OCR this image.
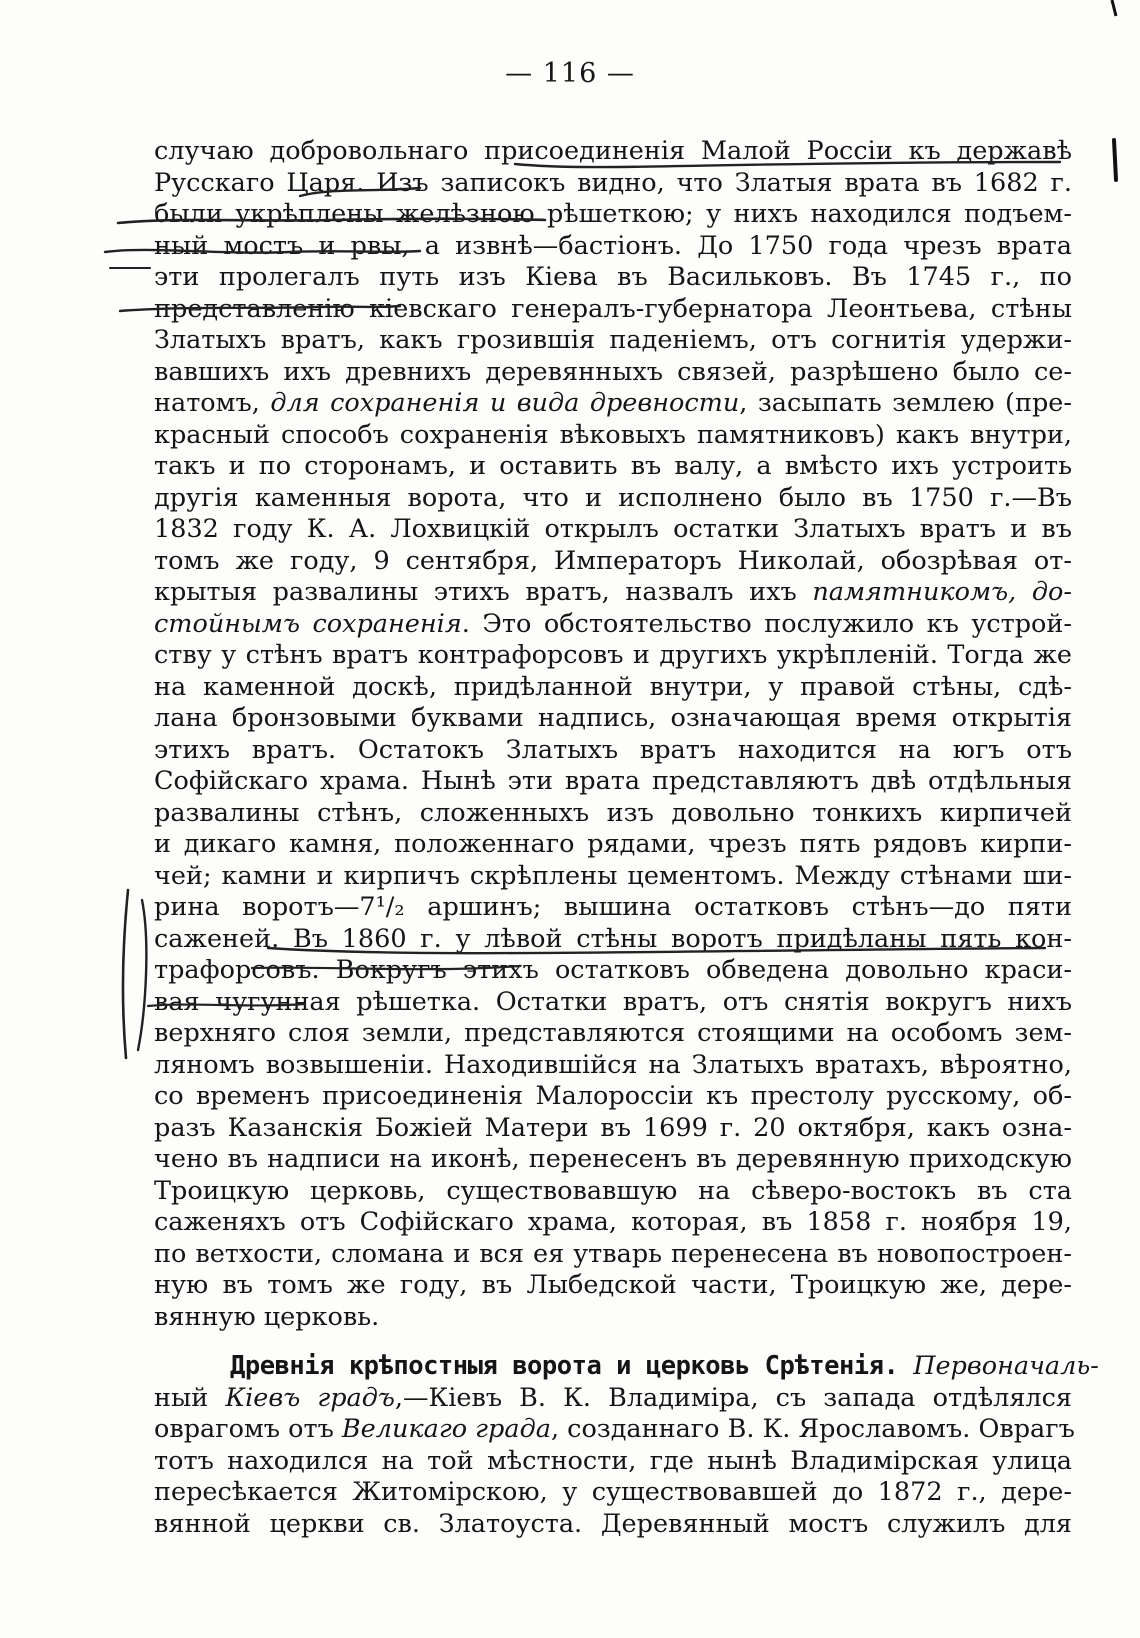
— 116 —
случаю добровольнаго присоединенія Малой Россіи къ державѣ
Русскаго Царя. Изъ записокъ видно, что Златыя врата въ 1682 г.
были укрѣплены желѣзною рѣшеткою; у нихъ находился подъем-
ный мостъ и рвы, а извнѣ—бастіонъ. До 1750 года чрезъ врата
эти пролегалъ путь изъ Кіева въ Васильковъ. Въ 1745 г., по
представленію кіевскаго генералъ-губернатора Леонтьева, стѣны
Златыхъ вратъ, какъ грозившія паденіемъ, отъ согнитія удержи-
вавшихъ ихъ древнихъ деревянныхъ связей, разрѣшено было се-
натомъ, для сохраненія и вида древности, засыпать землею (пре-
красный способъ сохраненія вѣковыхъ памятниковъ) какъ внутри,
такъ и по сторонамъ, и оставить въ валу, а вмѣсто ихъ устроить
другія каменныя ворота, что и исполнено было въ 1750 г.—Въ
1832 году К. А. Лохвицкій открылъ остатки Златыхъ вратъ и въ
томъ же году, 9 сентября, Императоръ Николай, обозрѣвая от-
крытыя развалины этихъ вратъ, назвалъ ихъ памятникомъ, до-
стойнымъ сохраненія. Это обстоятельство послужило къ устрой-
ству у стѣнъ вратъ контрафорсовъ и другихъ укрѣпленій. Тогда же
на каменной доскѣ, придѣланной внутри, у правой стѣны, сдѣ-
лана бронзовыми буквами надпись, означающая время открытія
этихъ вратъ. Остатокъ Златыхъ вратъ находится на югъ отъ
Софійскаго храма. Нынѣ эти врата представляютъ двѣ отдѣльныя
развалины стѣнъ, сложенныхъ изъ довольно тонкихъ кирпичей
и дикаго камня, положеннаго рядами, чрезъ пять рядовъ кирпи-
чей; камни и кирпичъ скрѣплены цементомъ. Между стѣнами ши-
рина воротъ—7¹/₂ аршинъ; вышина остатковъ стѣнъ—до пяти
саженей. Въ 1860 г. у лѣвой стѣны воротъ придѣланы пять кон-
трафорсовъ. Вокругъ этихъ остатковъ обведена довольно краси-
вая чугунная рѣшетка. Остатки вратъ, отъ снятія вокругъ нихъ
верхняго слоя земли, представляются стоящими на особомъ зем-
ляномъ возвышеніи. Находившійся на Златыхъ вратахъ, вѣроятно,
со временъ присоединенія Малороссіи къ престолу русскому, об-
разъ Казанскія Божіей Матери въ 1699 г. 20 октября, какъ озна-
чено въ надписи на иконѣ, перенесенъ въ деревянную приходскую
Троицкую церковь, существовавшую на сѣверо-востокъ въ ста
саженяхъ отъ Софійскаго храма, которая, въ 1858 г. ноября 19,
по ветхости, сломана и вся ея утварь перенесена въ новопостроен-
ную въ томъ же году, въ Лыбедской части, Троицкую же, дере-
вянную церковь.
Древнія крѣпостныя ворота и церковь Срѣтенія. Первоначаль-
ный Кіевъ градъ,—Кіевъ В. К. Владиміра, съ запада отдѣлялся
оврагомъ отъ Великаго града, созданнаго В. К. Ярославомъ. Оврагъ
тотъ находился на той мѣстности, где нынѣ Владимірская улица
пересѣкается Житомірскою, у существовавшей до 1872 г., дере-
вянной церкви св. Златоуста. Деревянный мостъ служилъ для
